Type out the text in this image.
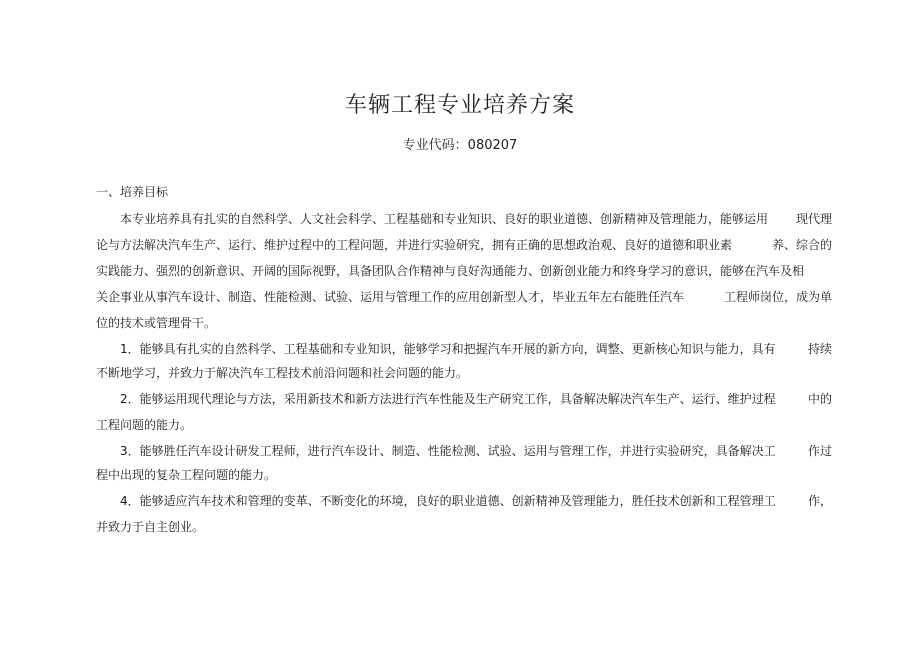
车辆工程专业培养方案
专业代码：080207
一、培养目标
本专业培养具有扎实的自然科学、人文社会科学、工程基础和专业知识、良好的职业道德、创新精神及管理能力，能够运用 现代理
论与方法解决汽车生产、运行、维护过程中的工程问题，并进行实验研究，拥有正确的思想政治观、良好的道德和职业素	养、综合的
实践能力、强烈的创新意识、开阔的国际视野，具备团队合作精神与良好沟通能力、创新创业能力和终身学习的意识，能够在汽车及相
关企事业从事汽车设计、制造、性能检测、试验、运用与管理工作的应用创新型人才，毕业五年左右能胜任汽车	工程师岗位，成为单
位的技术或管理骨干。
1．能够具有扎实的自然科学、工程基础和专业知识，能够学习和把握汽车开展的新方向，调整、更新核心知识与能力，具有	持续
不断地学习，并致力于解决汽车工程技术前沿问题和社会问题的能力。
2．能够运用现代理论与方法，采用新技术和新方法进行汽车性能及生产研究工作，具备解决解决汽车生产、运行、维护过程	中的
工程问题的能力。
3．能够胜任汽车设计研发工程师，进行汽车设计、制造、性能检测、试验、运用与管理工作，并进行实验研究，具备解决工	作过
程中出现的复杂工程问题的能力。
4．能够适应汽车技术和管理的变革、不断变化的环境，良好的职业道德、创新精神及管理能力，胜任技术创新和工程管理工	作，
并致力于自主创业。
